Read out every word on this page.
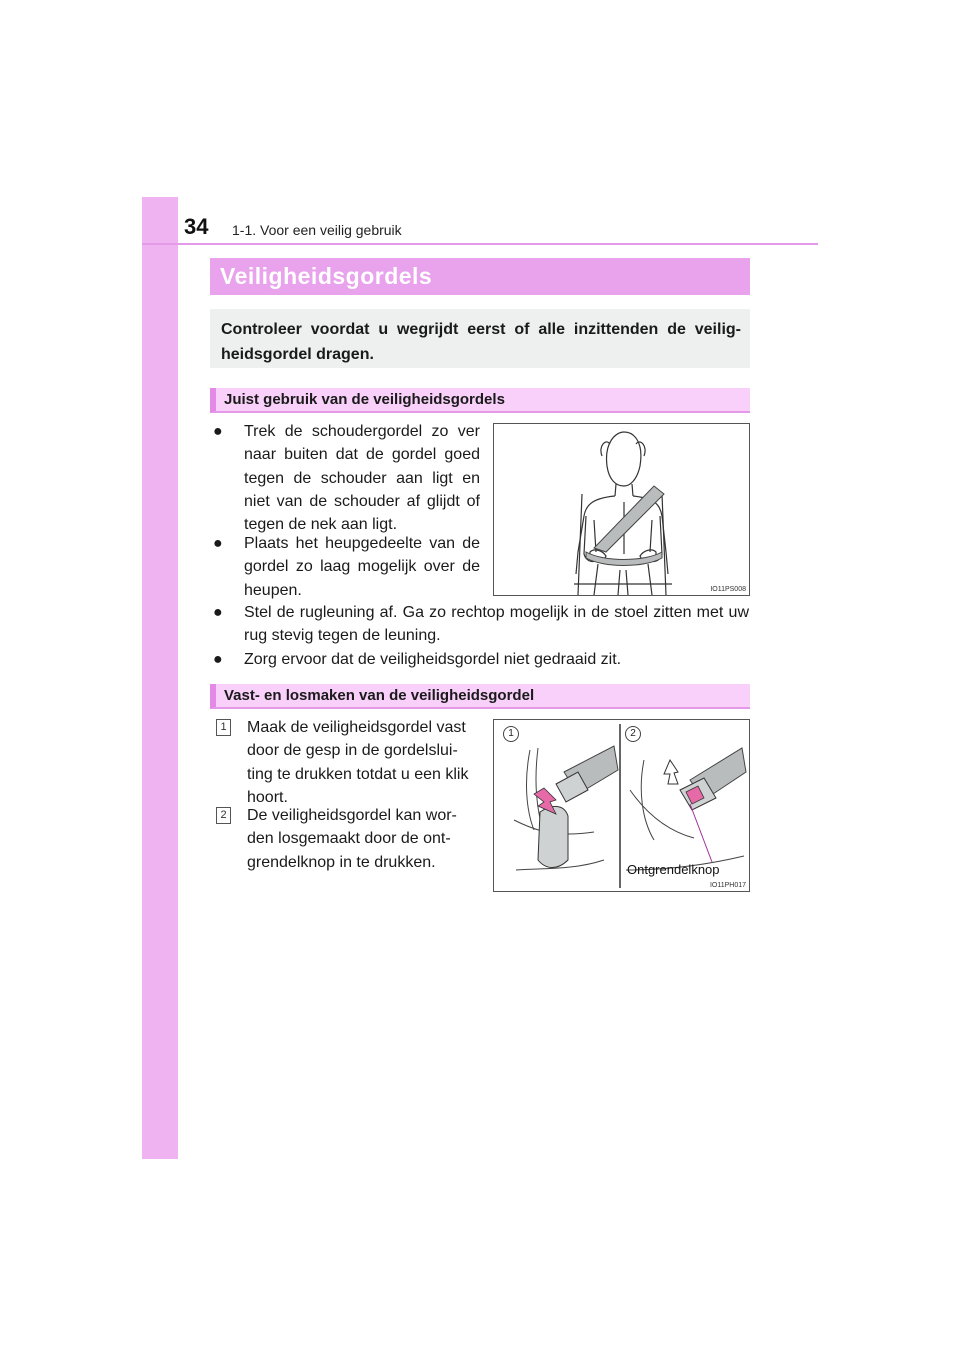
34 1-1. Voor een veilig gebruik
Veiligheidsgordels

Controleer voordat u wegrijdt eerst of alle inzittenden de veilig-heidsgordel dragen.

Juist gebruik van de veiligheidsgordels
● Trek de schoudergordel zo ver naar buiten dat de gordel goed tegen de schouder aan ligt en niet van de schouder af glijdt of tegen de nek aan ligt.
● Plaats het heupgedeelte van de gordel zo laag mogelijk over de heupen.
● Stel de rugleuning af. Ga zo rechtop mogelijk in de stoel zitten met uw rug stevig tegen de leuning.
● Zorg ervoor dat de veiligheidsgordel niet gedraaid zit.
IO11PS008
Vast- en losmaken van de veiligheidsgordel
1 Maak de veiligheidsgordel vast door de gesp in de gordelslui-ting te drukken totdat u een klik hoort.
2 De veiligheidsgordel kan wor-den losgemaakt door de ont-grendelknop in te drukken.
1	2
Ontgrendelknop
IO11PH017
